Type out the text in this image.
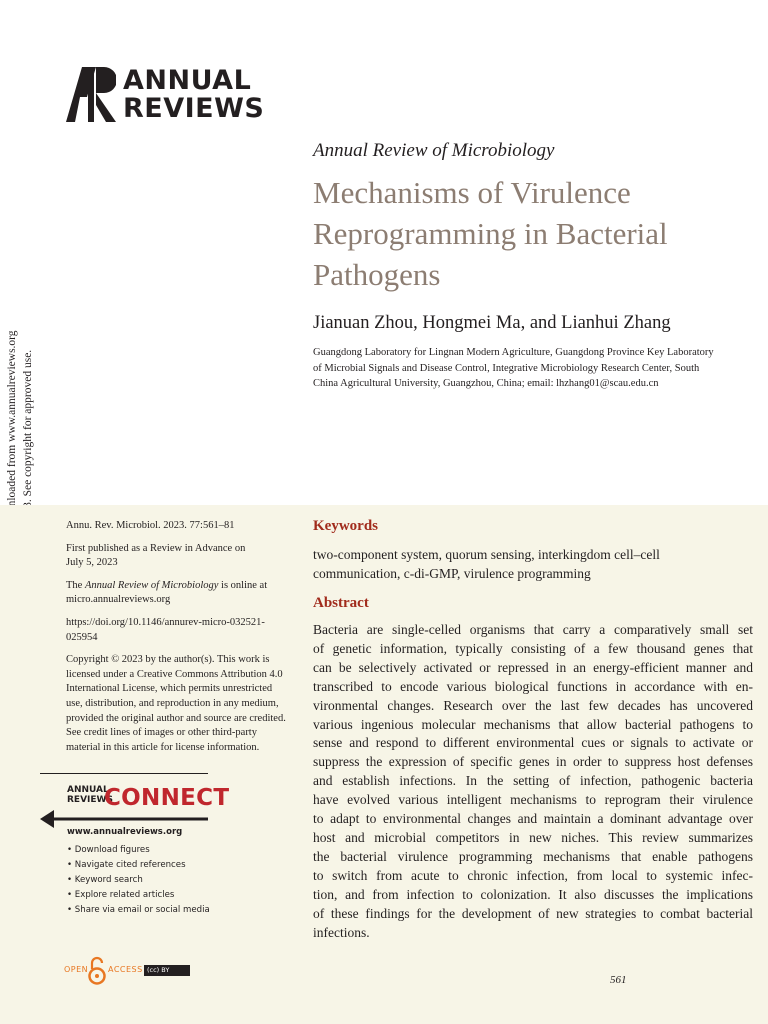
ANNUAL
REVIEWS
Annual Review of Microbiology
Mechanisms of Virulence
Reprogramming in Bacterial
Pathogens
Jianuan Zhou, Hongmei Ma, and Lianhui Zhang
Guangdong Laboratory for Lingnan Modern Agriculture, Guangdong Province Key Laboratory
of Microbial Signals and Disease Control, Integrative Microbiology Research Center, South
China Agricultural University, Guangzhou, China; email: lhzhang01@scau.edu.cn
Annu. Rev. Microbiol. 2023. 77:561–81
First published as a Review in Advance on
July 5, 2023
The Annual Review of Microbiology is online at
micro.annualreviews.org
https://doi.org/10.1146/annurev-micro-032521-
025954
Copyright © 2023 by the author(s). This work is
licensed under a Creative Commons Attribution 4.0
International License, which permits unrestricted
use, distribution, and reproduction in any medium,
provided the original author and source are credited.
See credit lines of images or other third-party
material in this article for license information.
Keywords
two-component system, quorum sensing, interkingdom cell–cell
communication, c-di-GMP, virulence programming
Abstract
Bacteria are single-celled organisms that carry a comparatively small set
of genetic information, typically consisting of a few thousand genes that
can be selectively activated or repressed in an energy-efficient manner and
transcribed to encode various biological functions in accordance with en-
vironmental changes. Research over the last few decades has uncovered
various ingenious molecular mechanisms that allow bacterial pathogens to
sense and respond to different environmental cues or signals to activate or
suppress the expression of specific genes in order to suppress host defenses
and establish infections. In the setting of infection, pathogenic bacteria
have evolved various intelligent mechanisms to reprogram their virulence
to adapt to environmental changes and maintain a dominant advantage over
host and microbial competitors in new niches. This review summarizes
the bacterial virulence programming mechanisms that enable pathogens
to switch from acute to chronic infection, from local to systemic infec-
tion, and from infection to colonization. It also discusses the implications
of these findings for the development of new strategies to combat bacterial
infections.
ANNUAL
REVIEWS
CONNECT
www.annualreviews.org
• Download figures
• Navigate cited references
• Keyword search
• Explore related articles
• Share via email or social media
OPEN ACCESS (cc) BY
561
